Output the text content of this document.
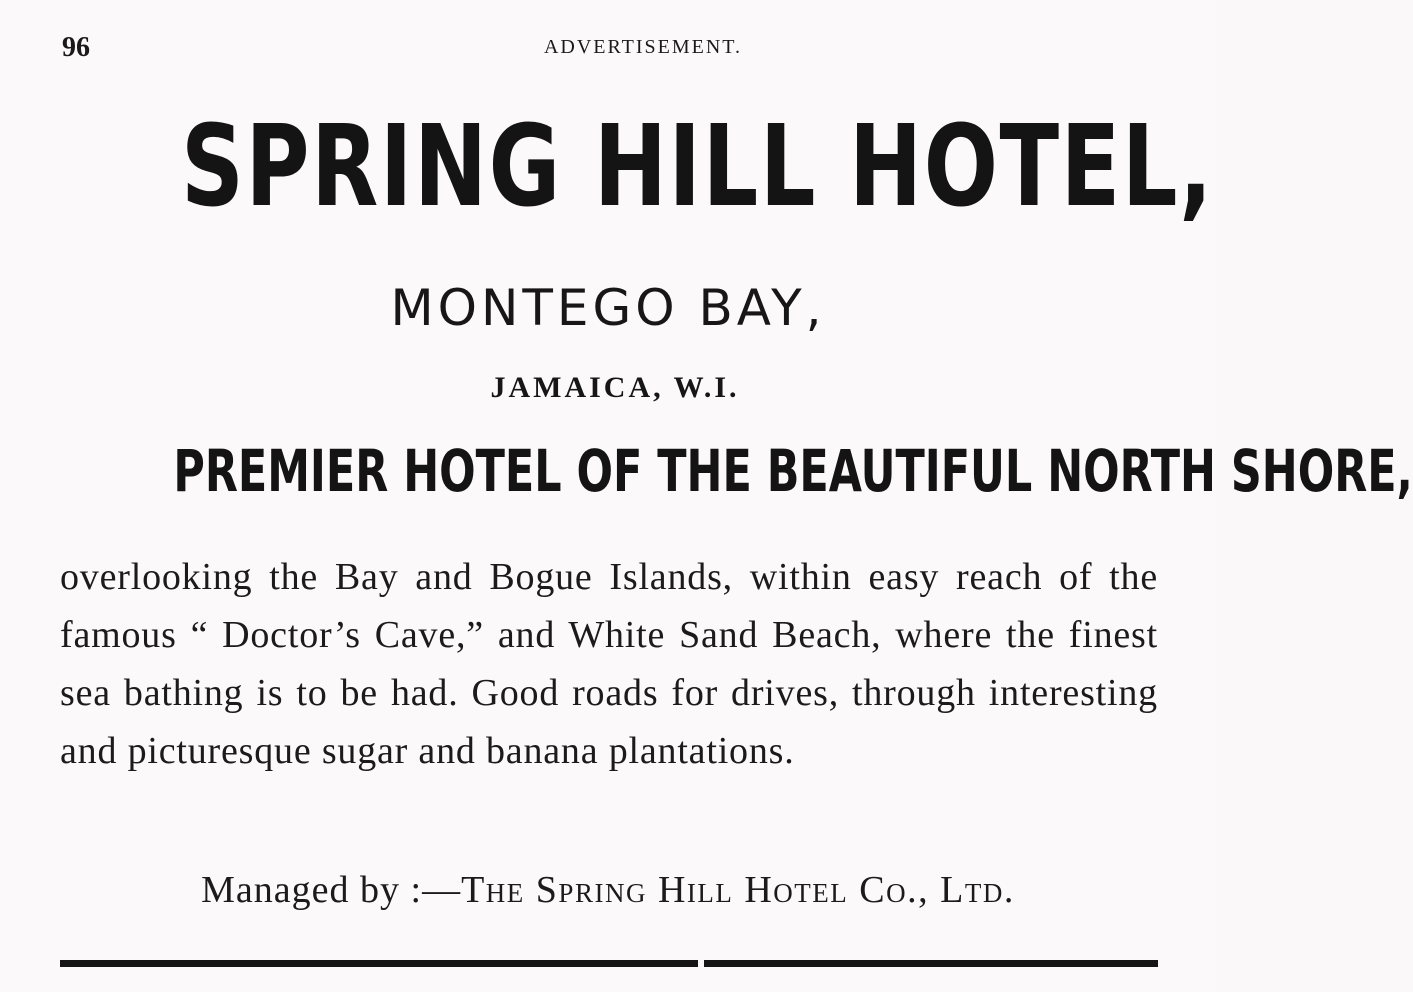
96	ADVERTISEMENT.
SPRING HILL HOTEL,
MONTEGO BAY,
JAMAICA, W.I.
PREMIER HOTEL OF THE BEAUTIFUL NORTH SHORE,
overlooking the Bay and Bogue Islands, within easy reach of the famous “ Doctor’s Cave,” and White Sand Beach, where the finest sea bathing is to be had. Good roads for drives, through interesting and picturesque sugar and banana plantations.
Managed by :—The Spring Hill Hotel Co., Ltd.
